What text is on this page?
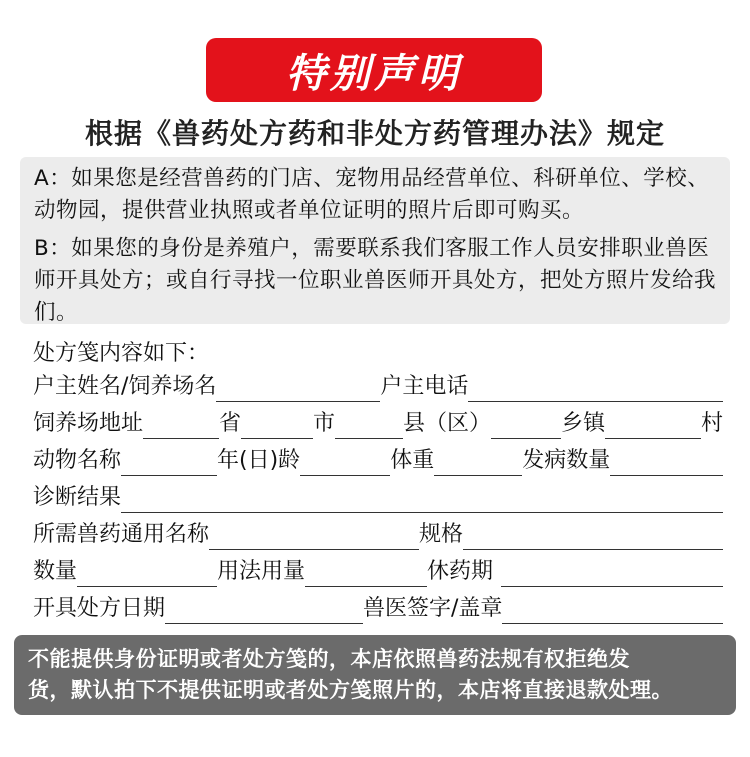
特别声明
根据《兽药处方药和非处方药管理办法》规定

A：如果您是经营兽药的门店、宠物用品经营单位、科研单位、学校、动物园，提供营业执照或者单位证明的照片后即可购买。

B：如果您的身份是养殖户，需要联系我们客服工作人员安排职业兽医师开具处方；或自行寻找一位职业兽医师开具处方，把处方照片发给我们。

处方笺内容如下：
户主姓名/饲养场名	户主电话
饲养场地址	省	市	县（区）	乡镇	村
动物名称	年(日)龄	体重	发病数量
诊断结果
所需兽药通用名称	规格
数量	用法用量	休药期
开具处方日期	兽医签字/盖章

不能提供身份证明或者处方笺的，本店依照兽药法规有权拒绝发

货，默认拍下不提供证明或者处方笺照片的，本店将直接退款处理。
